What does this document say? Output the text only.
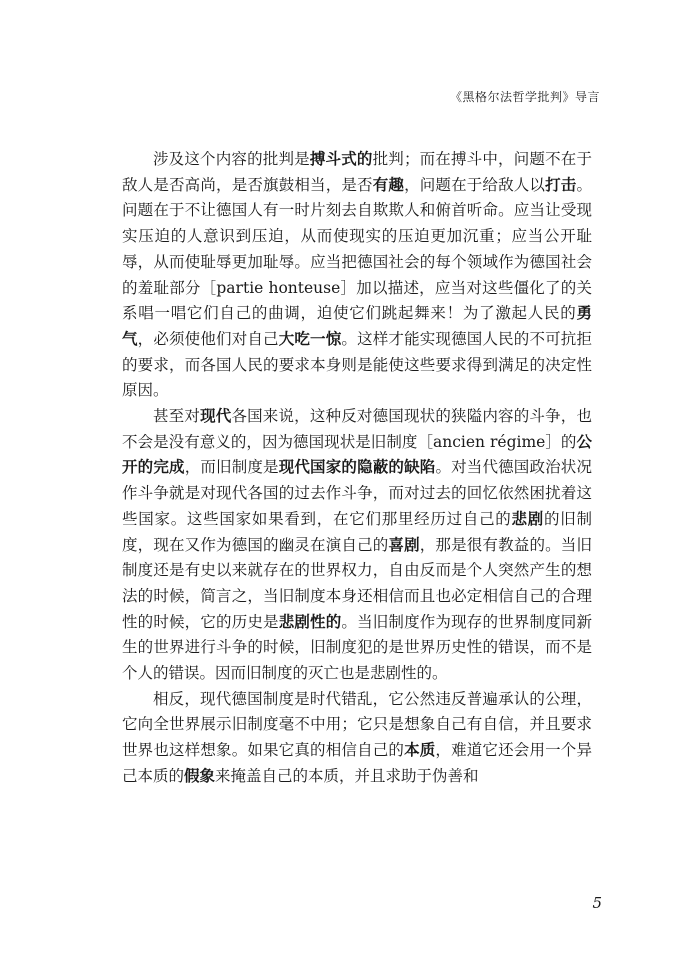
《黑格尔法哲学批判》导言

涉及这个内容的批判是搏斗式的批判；而在搏斗中，问题不在于敌人是否高尚，是否旗鼓相当，是否有趣，问题在于给敌人以打击。问题在于不让德国人有一时片刻去自欺欺人和俯首听命。应当让受现实压迫的人意识到压迫，从而使现实的压迫更加沉重；应当公开耻辱，从而使耻辱更加耻辱。应当把德国社会的每个领域作为德国社会的羞耻部分［partie honteuse］加以描述，应当对这些僵化了的关系唱一唱它们自己的曲调，迫使它们跳起舞来！为了激起人民的勇气，必须使他们对自己大吃一惊。这样才能实现德国人民的不可抗拒的要求，而各国人民的要求本身则是能使这些要求得到满足的决定性原因。

甚至对现代各国来说，这种反对德国现状的狭隘内容的斗争，也不会是没有意义的，因为德国现状是旧制度［ancien régime］的公开的完成，而旧制度是现代国家的隐蔽的缺陷。对当代德国政治状况作斗争就是对现代各国的过去作斗争，而对过去的回忆依然困扰着这些国家。这些国家如果看到，在它们那里经历过自己的悲剧的旧制度，现在又作为德国的幽灵在演自己的喜剧，那是很有教益的。当旧制度还是有史以来就存在的世界权力，自由反而是个人突然产生的想法的时候，简言之，当旧制度本身还相信而且也必定相信自己的合理性的时候，它的历史是悲剧性的。当旧制度作为现存的世界制度同新生的世界进行斗争的时候，旧制度犯的是世界历史性的错误，而不是个人的错误。因而旧制度的灭亡也是悲剧性的。

相反，现代德国制度是时代错乱，它公然违反普遍承认的公理，它向全世界展示旧制度毫不中用；它只是想象自己有自信，并且要求世界也这样想象。如果它真的相信自己的本质，难道它还会用一个异己本质的假象来掩盖自己的本质，并且求助于伪善和

5
